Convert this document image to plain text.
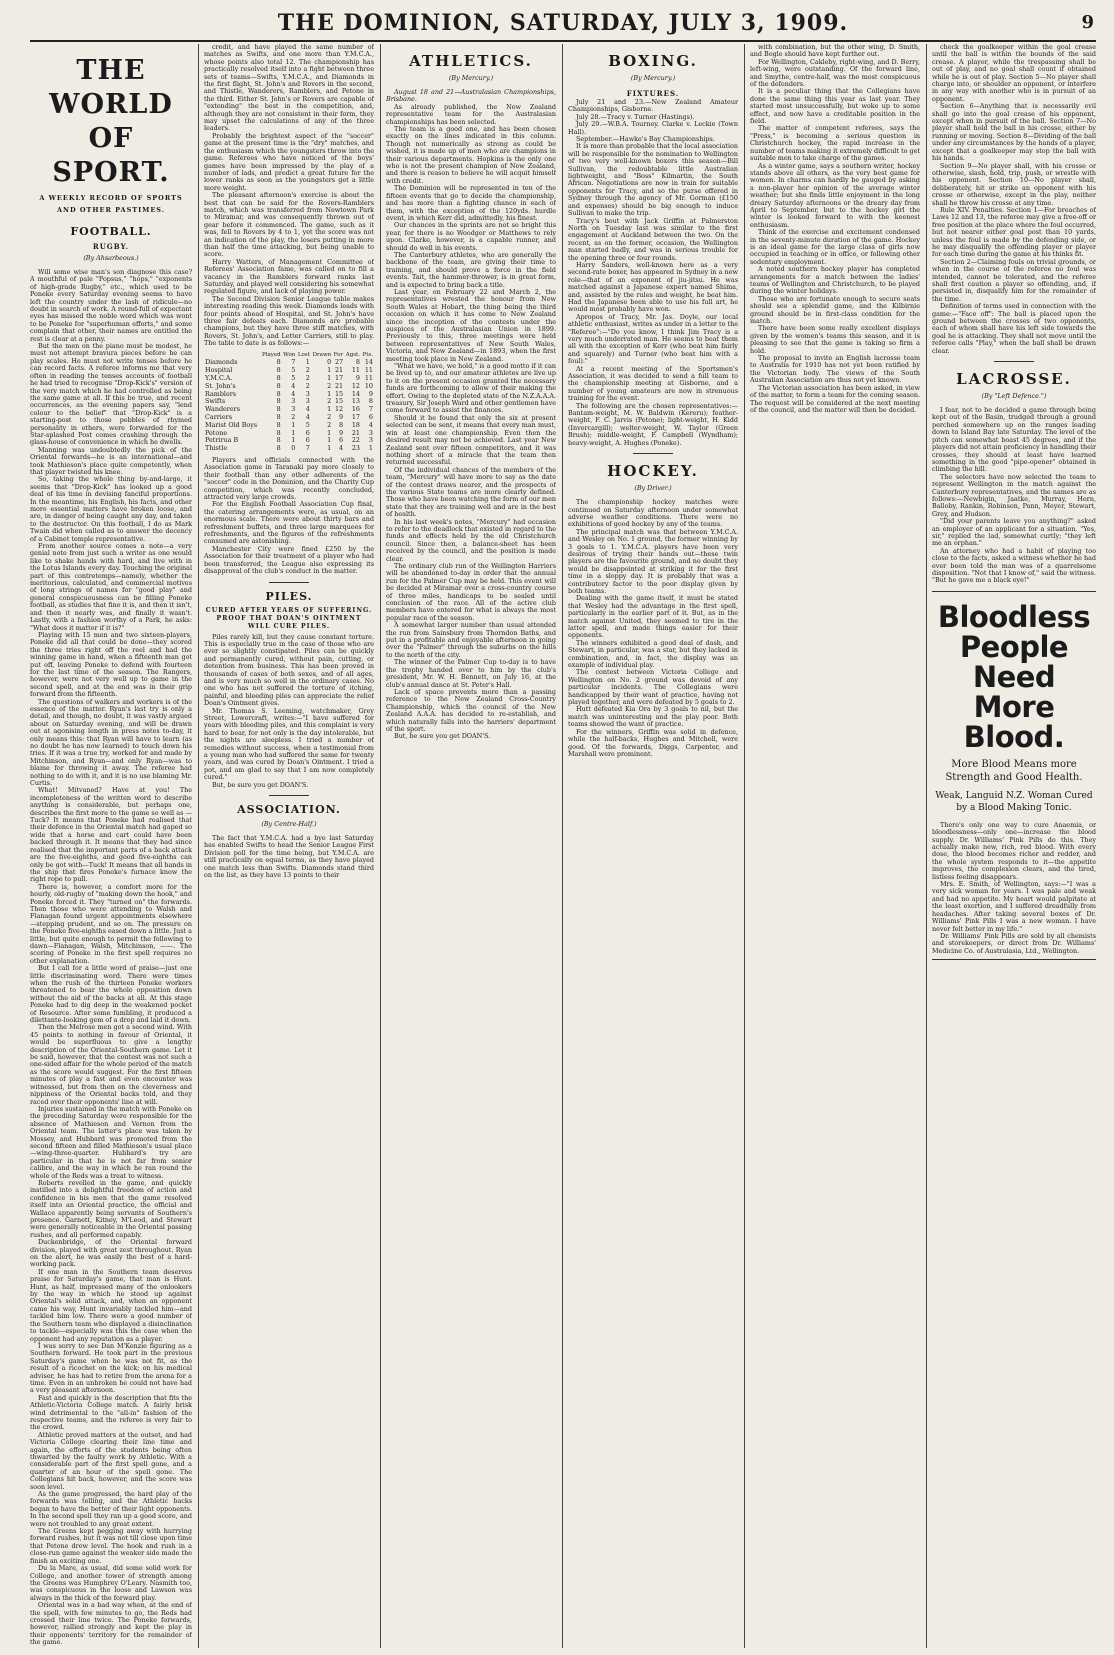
THE DOMINION, SATURDAY, JULY 3, 1909.	9
THE WORLD OF SPORT.
A WEEKLY RECORD OF SPORTS AND OTHER PASTIMES.
FOOTBALL.
RUGBY.
(By Ahsarbeous.)

Will some wise man's son diagnose this case? A mouthful of pale "Popsus," "hops," "exponents of high-grade Rugby," etc., which used to be Poneke every Saturday evening seems to have left the country under the lash of ridicule—no doubt in search of work. A round-full of expectant eyes has missed the noble word which was wont to be Poneke for "superhuman efforts," and some complain that other, their names are entitled the rest is clear at a penny.

But the men on the piano must be modest, he must not attempt bravura pieces before he can play scales. He must not write tenses before he can record facts. A referee informs me that very often in reading the tenses accounts of football he had tried to recognise "Drop-Kick's" version of the very match which he had controlled as being the same game at all. If this be true, and recent occurrences, as the evening papers say, "lend colour to the belief" that "Drop-Kick" is a starting-post to those pebbles of rhymed personality in others, were forwarded for the Star-splashed Post comes crashing through the glass-house of convenience in which he dwells.

Manning was undoubtedly the pick of the Oriental forwards—he is an international—and took Mathieson's place quite competently, when that player twisted his knee.

So, taking the whole thing by-and-large, it seems that "Drop-Kick" has looked up a good deal of his time in devising fanciful proportions. In the meantime, his English, his facts, and other more essential matters have broken loose, and are, in danger of being caught any day, and taken to the destructor. On this football, I do as Mark Twain did when called as to answer the decency of a Cabinet temple representative.

From another source comes a note—a very genial note from just such a writer as one would like to shake hands with hard, and live with in the Lotus Islands every day. Touching the original part of this contretemps—namely, whether the meritorious, calculated, and commercial motives of long strings of names for "good play" and general conspicuousness can be filling Poneke football, as studies that fine it is, and then it isn't, and then it nearly was, and finally it wasn't. Lastly, with a fashion worthy of a Park, he asks: "What does it matter if it is?"

Playing with 15 men and two sixteen-players, Poneke did all that could be done—they scored the three tries right off the reel and had the winning game in hand, when a fifteenth man got put off, leaving Poneke to defend with fourteen for the last time of the season. The Rangers, however, were not very well up to game in the second spell, and at the end was in their grip forward from the fifteenth.

The questions of walkers and workers is of the essence of the matter. Ryan's last try is only a detail, and though, no doubt, it was vastly argued about on Saturday evening, and will be drawn out at agonising length in press notes to-day, it only means this: that Ryan will have to learn (as no doubt he has now learned) to touch down his tries. If it was a true try, worked for and made by Mitchinson, and Ryan—and only Ryan—was to blame for throwing it away. The referee had nothing to do with it, and it is no use blaming Mr. Curtis.

What! Mitvaned? Have at you! The incompleteness of the written word to describe anything is considerable, but perhaps one, describes the first more to the game so well as —Tuck? It means that Poneke had realised that their defence in the Oriental match had gaped so wide that a horse and cart could have been backed through it. It means that they had since realised that the important parts of a back attack are the five-eighths, and good five-eighths can only be got with—Tuck! It means that all hands in the ship that fires Poneke's furnace know the right rope to pull.

There is, however, a comfort more for the hourly, old-rugby of "making down the hook," and Poneke forced it. They "turned on" the forwards. Then those who were attending to Walsh and Flanagan found urgent appointments elsewhere—stepping prudent, and so on. The pressure on the Poneke five-eighths eased down a little. Just a little, but quite enough to permit the following to dawn—Flanagan, Walsh, Mitchinson, ——. The scoring of Poneke in the first spell requires no other explanation.

But I call for a little word of praise—just one little discriminating word. There were times when the rush of the thirteen Poneke workers threatened to bear the whole opposition down without the aid of the backs at all. At this stage Poneke had to dig deep in the weakened pocket of Resource. After some fumbling, it produced a dilettante-looking gem of a drop and laid it down.

Then the Melrose men got a second wind. With 45 points to nothing in favour of Oriental, it would be superfluous to give a lengthy description of the Oriental-Southern game. Let it be said, however, that the contest was not such a one-sided affair for the whole period of the match as the score would suggest. For the first fifteen minutes of play a fast and even encounter was witnessed, but from then on the cleverness and nippiness of the Oriental backs told, and they raced over their opponents' line at will.

Injuries sustained in the match with Poneke on the preceding Saturday were responsible for the absence of Mathieson and Vernon from the Oriental team. The latter's place was taken by Mossey, and Hubbard was promoted from the second fifteen and filled Mathieson's usual place—wing-three-quarter. Hubbard's try are particular in that he is not far from senior calibre, and the way in which he ran round the whole of the Reds was a treat to witness.

Roberts revelled in the game, and quickly instilled into a delightful freedom of action and confidence in his men that the game resolved itself into an Oriental practice, the official and Wallace apparently being servants of Southern's presence. Garnett, Kitney, M'Leod, and Stewart were generally noticeable in the Oriental passing rushes, and all performed capably.

Duckenbridge, of the Oriental forward division, played with great zest throughout. Ryan on the alert, he was easily the best of a hard-working pack.

If one man in the Southern team deserves praise for Saturday's game, that man is Hunt. Hunt, as half, impressed many of the onlookers by the way in which he stood up against Oriental's solid attack, and, when an opponent came his way, Hunt invariably tackled him—and tackled him low. There were a good number of the Southern team who displayed a disinclination to tackle—especially was this the case when the opponent had any reputation as a player.

I was sorry to see Dan M'Kenzie figuring as a Southern forward. He took part in the previous Saturday's game when he was not fit, as the result of a ricochet on the kick; on his medical adviser, he has had to retire from the arena for a time. Even in an unbroken he could not have had a very pleasant afternoon.

Fast and quickly is the description that fits the Athletic-Victoria College match. A fairly brisk wind detrimental to the "all-in" fashion of the respective teams, and the referee is very fair to the crowd.

Athletic proved matters at the outset, and had Victoria College clearing their line time and again, the efforts of the students being often thwarted by the faulty work by Athletic. With a considerable part of the first spell gone, and a quarter of an hour of the spell gone. The Collegians hit back, however, and the score was soon level.

As the game progressed, the hard play of the forwards was telling, and the Athletic backs began to have the better of their light opponents. In the second spell they ran up a good score, and were not troubled to any great extent.

The Greens kept pegging away with hurrying forward rushes, but it was not till close upon time that Petone drew level. The hook and rush in a close-run game against the weaker side made the finish an exciting one.

Du la Mare, as usual, did some solid work for College, and another tower of strength among the Greens was Humphrey O'Leary. Nasmith too, was conspicuous in the loose and Lawson was always in the thick of the forward play.

Oriental was in a bad way when, at the end of the spell, with few minutes to go, the Reds had crossed their line twice. The Poneke forwards, however, rallied strongly and kept the play in their opponents' territory for the remainder of the game.

credit, and have played the same number of matches as Swifts, and one more than Y.M.C.A., whose points also total 12. The championship has practically resolved itself into a fight between three sets of teams—Swifts, Y.M.C.A., and Diamonds in the first flight, St. John's and Rovers in the second, and Thistle, Wanderers, Ramblers, and Petone in the third. Either St. John's or Rovers are capable of "extending" the best in the competition, and, although they are not consistent in their form, they may upset the calculations of any of the three leaders.

Probably the brightest aspect of the "soccer" game at the present time is the "dry" matches, and the enthusiasm which the youngsters throw into the game. Referees who have noticed of the boys' games have been impressed by the play of a number of lads, and predict a great future for the lower ranks as soon as the youngsters get a little more weight.

The pleasant afternoon's exercise is about the best that can be said for the Rovers-Ramblers match, which was transferred from Newtown Park to Miramar, and was consequently thrown out of gear before it commenced. The game, such as it was, fell to Rovers by 4 to 1, yet the score was not an indication of the play, the losers putting in more than half the time attacking, but being unable to score.

Harry Watters, of Management Committee of Referees' Association fame, was called on to fill a vacancy in the Ramblers forward ranks last Saturday, and played well considering his somewhat regulated figure, and lack of playing power.

The Second Division Senior League table makes interesting reading this week. Diamonds leads with four points ahead of Hospital, and St. John's have three fair defeats each. Diamonds are probable champions, but they have three stiff matches, with Rovers, St. John's, and Letter Carriers, still to play. The table to date is as follows:—

	Played	Won	Lost	Drawn	For	Agst.	Pts.
Diamonds	8	7	1	0	27	8	14
Hospital	8	5	2	1	21	11	11
Y.M.C.A.	8	5	2	1	17	9	11
St. John's	8	4	2	2	21	12	10
Ramblers	8	4	3	1	15	14	9
Swifts	8	3	3	2	15	13	8
Wanderers	8	3	4	1	12	16	7
Carriers	8	2	4	2	9	17	6
Marist Old Boys	8	1	5	2	8	18	4
Petone	8	1	6	1	9	21	3
Petrirua B	8	1	6	1	6	22	3
Thistle	8	0	7	1	4	23	1

Players and officials connected with the Association game in Taranaki pay more closely to their football than any other adherents of the "soccer" code in the Dominion, and the Charity Cup competition, which was recently concluded, attracted very large crowds.

For the English Football Association Cup final, the catering arrangements were, as usual, on an enormous scale. There were about thirty bars and refreshment buffets, and three large marquees for refreshments, and the figures of the refreshments consumed are astonishing.

Manchester City were fined £250 by the Association for their treatment of a player who had been transferred, the League also expressing its disapproval of the club's conduct in the matter.

PILES.
CURED AFTER YEARS OF SUFFERING. PROOF THAT DOAN'S OINTMENT WILL CURE PILES.

Piles rarely kill, but they cause constant torture. This is especially true in the case of those who are ever so slightly constipated. Piles can be quickly and permanently cured, without pain, cutting, or detention from business. This has been proved in thousands of cases of both sexes, and of all ages, and is very much so well in the ordinary cases. No one who has not suffered the torture of itching, painful, and bleeding piles can appreciate the relief Doan's Ointment gives.

Mr. Thomas S. Leeming, watchmaker, Grey Street, Lowercraft, writes:—"I have suffered for years with bleeding piles, and this complaint is very hard to bear, for not only is the day intolerable, but the nights are sleepless. I tried a number of remedies without success, when a testimonial from a young man who had suffered the same for twenty years, and was cured by Doan's Ointment. I tried a pot, and am glad to say that I am now completely cured."

But, be sure you get DOAN'S.

ASSOCIATION.
(By Centre-Half.)

The fact that Y.M.C.A. had a bye last Saturday has enabled Swifts to head the Senior League First Division poll for the time being, but Y.M.C.A. are still practically on equal terms, as they have played one match less than Swifts. Diamonds stand third on the list, as they have 13 points to their

ATHLETICS.
(By Mercury.)

August 18 and 21—Australasian Championships, Brisbane.

As already published, the New Zealand representative team for the Australasian championships has been selected.

The team is a good one, and has been chosen exactly on the lines indicated in this column. Though not numerically as strong as could be wished, it is made up of men who are champions in their various departments. Hopkins is the only one who is not the present champion of New Zealand, and there is reason to believe he will acquit himself with credit.

The Dominion will be represented in ten of the fifteen events that go to decide the championship, and has more than a fighting chance in each of them, with the exception of the 120yds. hurdle event, in which Kerr did, admittedly, his finest.

Our chances in the sprints are not so bright this year, for there is no Woodger or Matthews to rely upon. Clarke, however, is a capable runner, and should do well in his events.

The Canterbury athletes, who are generally the backbone of the team, are giving their time to training, and should prove a force in the field events. Tait, the hammer-thrower, is in great form, and is expected to bring back a title.

Last year, on February 22 and March 2, the representatives wrested the honour from New South Wales at Hobart, the thing being the third occasion on which it has come to New Zealand since the inception of the contests under the auspices of the Australasian Union in 1899. Previously to this, three meetings were held between representatives of New South Wales, Victoria, and New Zealand—in 1893, when the first meeting took place in New Zealand.

"What we have, we hold," is a good motto if it can be lived up to, and our amateur athletes are live up to it on the present occasion granted the necessary funds are forthcoming to allow of their making the effort. Owing to the depleted state of the N.Z.A.A.A. treasury, Sir Joseph Ward and other gentlemen have come forward to assist the finances.

Should it be found that only the six at present selected can be sent, it means that every man must, win at least one championship. Even then the desired result may not be achieved. Last year New Zealand sent over fifteen competitors, and it was nothing short of a miracle that the team then returned successful.

Of the individual chances of the members of the team, "Mercury" will have more to say as the date of the contest draws nearer, and the prospects of the various State teams are more clearly defined. Those who have been watching the form of our men state that they are training well and are in the best of health.

In his last week's notes, "Mercury" had occasion to refer to the deadlock that existed in regard to the funds and effects held by the old Christchurch council. Since then, a balance-sheet has been received by the council, and the position is made clear.

The ordinary club run of the Wellington Harriers will be abandoned to-day in order that the annual run for the Palmer Cup may be held. This event will be decided at Miramar over a cross-country course of three miles, handicaps to be sealed until conclusion of the race. All of the active club members have entered for what is always the most popular race of the season.

A somewhat larger number than usual attended the run from Sainsbury from Thorndon Baths, and put in a profitable and enjoyable afternoon in going over the "Palmer" through the suburbs on the hills to the north of the city.

The winner of the Palmer Cup to-day is to have the trophy handed over to him by the club's president, Mr. W. H. Bennett, on July 16, at the club's annual dance at St. Peter's Hall.

Lack of space prevents more than a passing reference to the New Zealand Cross-Country Championship, which the council of the New Zealand A.A.A. has decided to re-establish, and which naturally falls into the harriers' department of the sport.

But, be sure you get DOAN'S.

BOXING.
(By Mercury.)
FIXTURES.

July 21 and 23.—New Zealand Amateur Championships, Gisborne.

July 28.—Tracy v. Turner (Hastings).

July 29.—W.B.A. Tourney. Clarke v. Leckie (Town Hall).

September.—Hawke's Bay Championships.

It is more than probable that the local association will be responsible for the nomination to Wellington of two very well-known boxers this season—Bill Sullivan, the redoubtable little Australian lightweight, and "Boss" Kilmartin, the South African. Negotiations are now in train for suitable opponents for Tracy, and so the purse offered in Sydney through the agency of Mr. Gorman (£150 and expenses) should be big enough to induce Sullivan to make the trip.

Tracy's bout with Jack Griffin at Palmerston North on Tuesday last was similar to the first engagement at Auckland between the two. On the recent, as on the former, occasion, the Wellington man started badly, and was in serious trouble for the opening three or four rounds.

Harry Sanders, well-known here as a very second-rate boxer, has appeared in Sydney in a new role—that of an exponent of jiu-jitsu. He was matched against a Japanese expert named Shima, and, assisted by the rules and weight, he beat him. Had the Japanese been able to use his full art, he would most probably have won.

Apropos of Tracy, Mr. Jas. Doyle, our local athletic enthusiast, writes as under in a letter to the "Referee":—"Do you know, I think Jim Tracy is a very much underrated man. He seems to beat them all with the exception of Kerr (who beat him fairly and squarely) and Turner (who beat him with a foul)."

At a recent meeting of the Sportsmen's Association, it was decided to send a full team to the championship meeting at Gisborne, and a number of young amateurs are now in strenuous training for the event.

The following are the chosen representatives:—Bantam-weight, M. W. Baldwin (Kereru); feather-weight, F. C. Jarvis (Petone); light-weight, H. Kidd (Invercargill); welter-weight, W. Taylor (Green Brush); middle-weight, F. Campbell (Wyndham); heavy-weight, A. Hughes (Poneke).

HOCKEY.
(By Driver.)

The championship hockey matches were continued on Saturday afternoon under somewhat adverse weather conditions. There were no exhibitions of good hockey by any of the teams.

The principal match was that between Y.M.C.A. and Wesley on No. 1 ground, the former winning by 3 goals to 1. Y.M.C.A. players have been very desirous of trying their hands out—these twin players are the favourite ground, and no doubt they would be disappointed at striking it for the first time in a sloppy day. It is probably that was a contributory factor to the poor display given by both teams.

Dealing with the game itself, it must be stated that Wesley had the advantage in the first spell, particularly in the earlier part of it. But, as in the match against United, they seemed to tire in the latter spell, and made things easier for their opponents.

The winners exhibited a good deal of dash, and Stewart, in particular, was a star, but they lacked in combination, and, in fact, the display was an example of individual play.

The contest between Victoria College and Wellington on No. 2 ground was devoid of any particular incidents. The Collegians were handicapped by their want of practice, having not played together, and were defeated by 5 goals to 2.

Hutt defeated Kia Ora by 3 goals to nil, but the match was uninteresting and the play poor. Both teams showed the want of practice.

For the winners, Griffin was solid in defence, while the half-backs, Hughes and Mitchell, were good. Of the forwards, Diggs, Carpenter, and Marshall were prominent.

with combination, but the other wing, D. Smith, and Bogle should have kept further out.

For Wellington, Cakleby, right-wing, and D. Berry, left-wing, were outstanding. Of the forward line, and Smythe, centre-half, was the most conspicuous of the defenders.

It is a peculiar thing that the Collegians have done the same thing this year as last year. They started most unsuccessfully, but woke up to some effect, and now have a creditable position in the field.

The matter of competent referees, says the "Press," is becoming a serious question in Christchurch hockey, the rapid increase in the number of teams making it extremely difficult to get suitable men to take charge of the games.

As a winter game, says a southern writer, hockey stands above all others, as the very best game for women. In charms can hardly be gauged by asking a non-player her opinion of the average winter weather; but she finds little enjoyment in the long dreary Saturday afternoons or the dreary day from April to September, but to the hockey girl the winter is looked forward to with the keenest enthusiasm.

Think of the exercise and excitement condensed in the seventy-minute duration of the game. Hockey is an ideal game for the large class of girls now occupied in teaching or in office, or following other sedentary employment.

A noted southern hockey player has completed arrangements for a match between the ladies' teams of Wellington and Christchurch, to be played during the winter holidays.

Those who are fortunate enough to secure seats should see a splendid game, and the Kilbirnie ground should be in first-class condition for the match.

There have been some really excellent displays given by the women's teams this season, and it is pleasing to see that the game is taking so firm a hold.

The proposal to invite an English lacrosse team to Australia for 1910 has not yet been ratified by the Victorian body. The views of the South Australian Association are thus not yet known.

The Victorian association has been asked, in view of the matter, to form a team for the coming season. The request will be considered at the next meeting of the council, and the matter will then be decided.

check the goalkeeper within the goal crease until the ball is within the bounds of the said crease. A player, while the trespassing shall be out of play, and no goal shall count if obtained while he is out of play. Section 5—No player shall charge into, or shoulder an opponent, or interfere in any way with another who is in pursuit of an opponent.

Section 6—Anything that is necessarily evil shall go into the goal crease of his opponent, except when in pursuit of the ball. Section 7—No player shall hold the ball in his crosse, either by running or moving. Section 8—Dividing of the ball under any circumstances by the hands of a player, except that a goalkeeper may stop the ball with his hands.

Section 9—No player shall, with his crosse or otherwise, slash, hold, trip, push, or wrestle with his opponent. Section 10—No player shall, deliberately, hit or strike an opponent with his crosse or otherwise, except in the play, neither shall he throw his crosse at any time.

Rule XIV. Penalties. Section 1—For breaches of Laws 12 and 13, the referee may give a free-off or free position at the place where the foul occurred, but not nearer either goal post than 10 yards, unless the foul is made by the defending side, or he may disqualify the offending player or player for each time during the game at his thinks fit.

Section 2—Claiming fouls on trivial grounds, or when in the course of the referee no foul was intended, cannot be tolerated, and the referee shall first caution a player so offending, and, if persisted in, disqualify him for the remainder of the time.

Definition of terms used in connection with the game:—"Face off": The ball is placed upon the ground between the crosses of two opponents, each of whom shall have his left side towards the goal he is attacking. They shall not move until the referee calls "Play," when the ball shall be drawn clear.

LACROSSE.
(By "Left Defence.")

I fear, not to be decided a game through being kept out of the Basin, trudged through a ground perched somewhere up on the ranges leading down to Island Bay late Saturday. The level of the pitch can somewhat boast 45 degrees, and if the players did not attain proficiency in handling their crosses, they should at least have learned something in the good "pipe-opener" obtained in climbing the hill.

The selectors have now selected the team to represent Wellington in the match against the Canterbury representatives, and the names are as follows:—Newbigin, Jaatke, Murray, Hern, Balloby, Rankin, Robinson, Pann, Meyer, Stewart, Grey, and Hudson.

"Did your parents leave you anything?" asked an employer of an applicant for a situation. "Yes, sir," replied the lad, somewhat curtly; "they left me an orphan."

An attorney who had a habit of playing too close to the facts, asked a witness whether he had ever been told the man was of a quarrelsome disposition. "Not that I know of," said the witness. "But he gave me a black eye!"

Bloodless People Need More Blood.
More Blood Means more Strength and Good Health.
Weak, Languid N.Z. Woman Cured by a Blood Making Tonic.

There's only one way to cure Anaemia, or bloodlessness—only one—increase the blood supply. Dr. Williams' Pink Pills do this. They actually make new, rich, red blood. With every dose, the blood becomes richer and redder, and the whole system responds to it—the appetite improves, the complexion clears, and the tired, listless feeling disappears.

Mrs. E. Smith, of Wellington, says:—"I was a very sick woman for years. I was pale and weak and had no appetite. My heart would palpitate at the least exertion, and I suffered dreadfully from headaches. After taking several boxes of Dr. Williams' Pink Pills I was a new woman. I have never felt better in my life."

Dr. Williams' Pink Pills are sold by all chemists and storekeepers, or direct from Dr. Williams' Medicine Co. of Australasia, Ltd., Wellington.
